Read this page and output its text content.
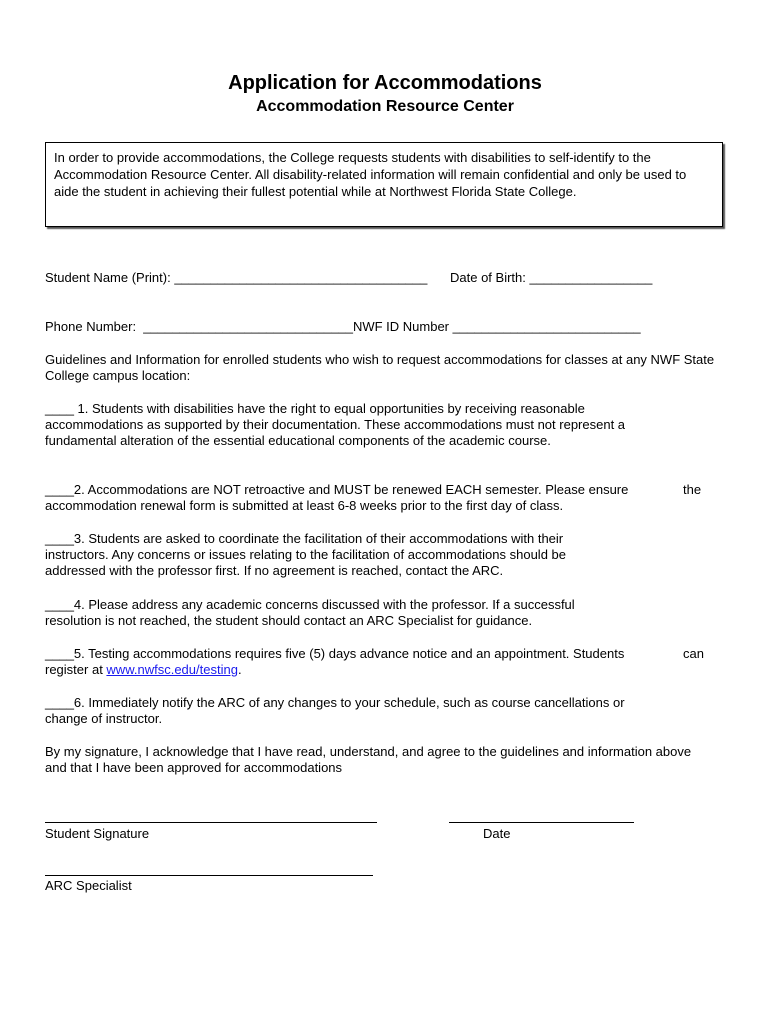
Application for Accommodations
Accommodation Resource Center
In order to provide accommodations, the College requests students with disabilities to self-identify to the Accommodation Resource Center. All disability-related information will remain confidential and only be used to aide the student in achieving their fullest potential while at Northwest Florida State College.
Student Name (Print): ___________________________________ Date of Birth: _________________
Phone Number:  _____________________________NWF ID Number __________________________
Guidelines and Information for enrolled students who wish to request accommodations for classes at any NWF State College campus location:
____ 1. Students with disabilities have the right to equal opportunities by receiving reasonable accommodations as supported by their documentation. These accommodations must not represent a fundamental alteration of the essential educational components of the academic course.
____2. Accommodations are NOT retroactive and MUST be renewed EACH semester. Please ensure	the
accommodation renewal form is submitted at least 6-8 weeks prior to the first day of class.
____3. Students are asked to coordinate the facilitation of their accommodations with their instructors. Any concerns or issues relating to the facilitation of accommodations should be addressed with the professor first. If no agreement is reached, contact the ARC.
____4. Please address any academic concerns discussed with the professor. If a successful resolution is not reached, the student should contact an ARC Specialist for guidance.
____5. Testing accommodations requires five (5) days advance notice and an appointment. Students	can
register at www.nwfsc.edu/testing.
____6. Immediately notify the ARC of any changes to your schedule, such as course cancellations or change of instructor.
By my signature, I acknowledge that I have read, understand, and agree to the guidelines and information above and that I have been approved for accommodations
Student Signature	Date
ARC Specialist
